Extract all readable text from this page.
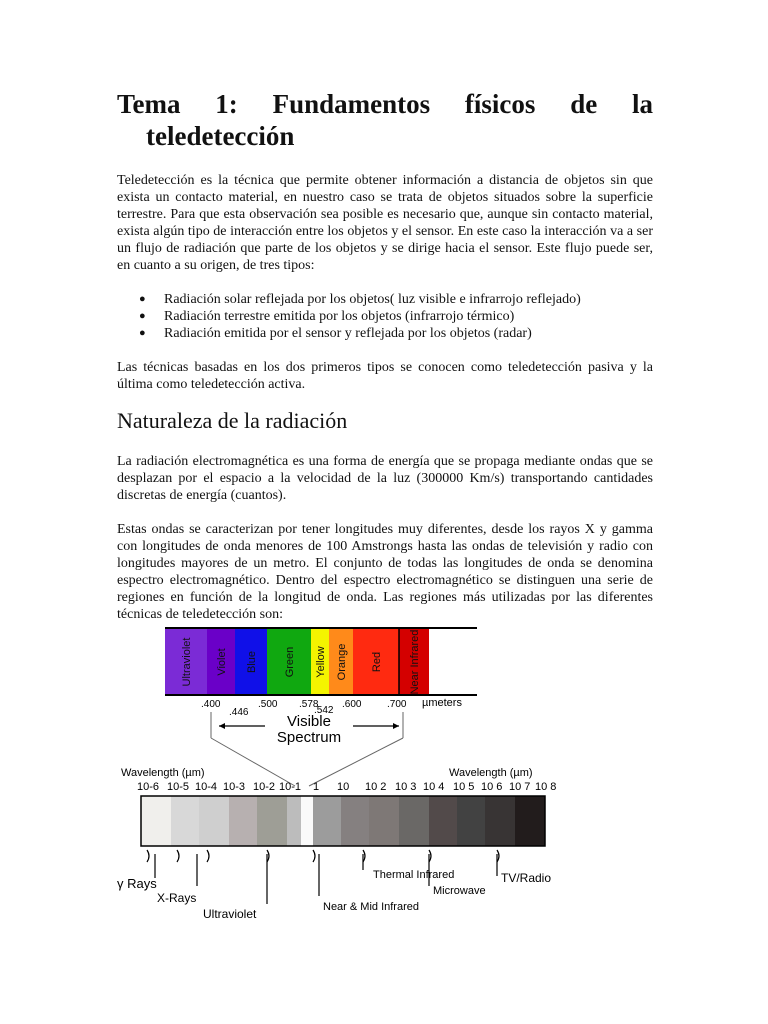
Tema 1: Fundamentos físicos de la
teledetección

Teledetección es la técnica que permite obtener información a distancia de objetos sin que exista un contacto material, en nuestro caso se trata de objetos situados sobre la superficie terrestre. Para que esta observación sea posible es necesario que, aunque sin contacto material, exista algún tipo de interacción entre los objetos y el sensor. En este caso la interacción va a ser un flujo de radiación que parte de los objetos y se dirige hacia el sensor. Este flujo puede ser, en cuanto a su origen, de tres tipos:

● Radiación solar reflejada por los objetos( luz visible e infrarrojo reflejado)
● Radiación terrestre emitida por los objetos (infrarrojo térmico)
● Radiación emitida por el sensor y reflejada por los objetos (radar)

Las técnicas basadas en los dos primeros tipos se conocen como teledetección pasiva y la última como teledetección activa.

Naturaleza de la radiación

La radiación electromagnética es una forma de energía que se propaga mediante ondas que se desplazan por el espacio a la velocidad de la luz (300000 Km/s) transportando cantidades discretas de energía (cuantos).

Estas ondas se caracterizan por tener longitudes muy diferentes, desde los rayos X y gamma con longitudes de onda menores de 100 Amstrongs hasta las ondas de televisión y radio con longitudes mayores de un metro. El conjunto de todas las longitudes de onda se denomina espectro electromagnético. Dentro del espectro electromagnético se distinguen una serie de regiones en función de la longitud de onda. Las regiones más utilizadas por las diferentes técnicas de teledetección son:

Ultraviolet Violet Blue Green Yellow Orange Red Near Infrared
.400
.446
.500 .578
.542
.600	.700 µmeters
Visible
Spectrum
Wavelength (µm)	Wavelength (µm)
10-6 10-5 10-4 10-3 10-2 10-1 1 10 10 2 10 3 10 4 10 5 10 6 10 7 10 8
γ Rays
X-Rays
Ultraviolet	Near & Mid Infrared
Thermal Infrared
Microwave
TV/Radio
